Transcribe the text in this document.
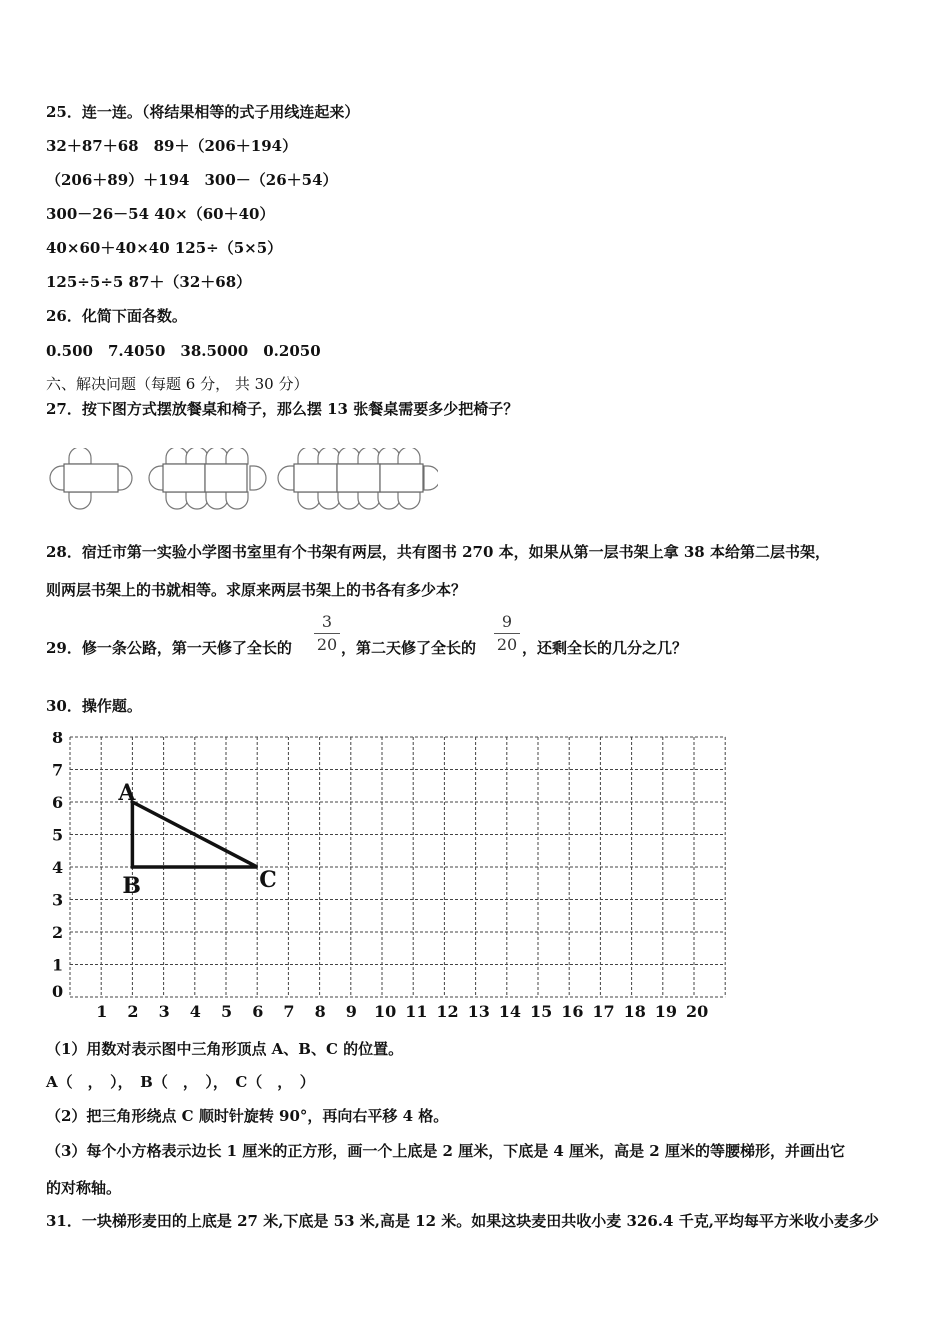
25．连一连。（将结果相等的式子用线连起来）
32＋87＋68　89＋（206＋194）
（206＋89）＋194　300－（26＋54）
300－26－54 40×（60＋40）
40×60＋40×40 125÷（5×5）
125÷5÷5 87＋（32＋68）
26．化简下面各数。
0.500　7.4050　38.5000　0.2050
六、解决问题（每题 6 分， 共 30 分）
27．按下图方式摆放餐桌和椅子，那么摆 13 张餐桌需要多少把椅子？
28．宿迁市第一实验小学图书室里有个书架有两层，共有图书 270 本，如果从第一层书架上拿 38 本给第二层书架，
则两层书架上的书就相等。求原来两层书架上的书各有多少本？
29．修一条公路，第一天修了全长的
3
20 ，第二天修了全长的
9
20 ，还剩全长的几分之几？
30．操作题。
0
1
2
3
4
5
6
7
8
1 2 3 4 5 6 7 8 9 10 11 12 13 14 15 16 17 18 19 20
A
B	C
（1）用数对表示图中三角形顶点 A、B、C 的位置。
A（　，　），　B（　，　），　C（　，　）
（2）把三角形绕点 C 顺时针旋转 90°，再向右平移 4 格。
（3）每个小方格表示边长 1 厘米的正方形，画一个上底是 2 厘米，下底是 4 厘米，高是 2 厘米的等腰梯形，并画出它
的对称轴。
31．一块梯形麦田的上底是 27 米,下底是 53 米,高是 12 米。如果这块麦田共收小麦 326.4 千克,平均每平方米收小麦多少
